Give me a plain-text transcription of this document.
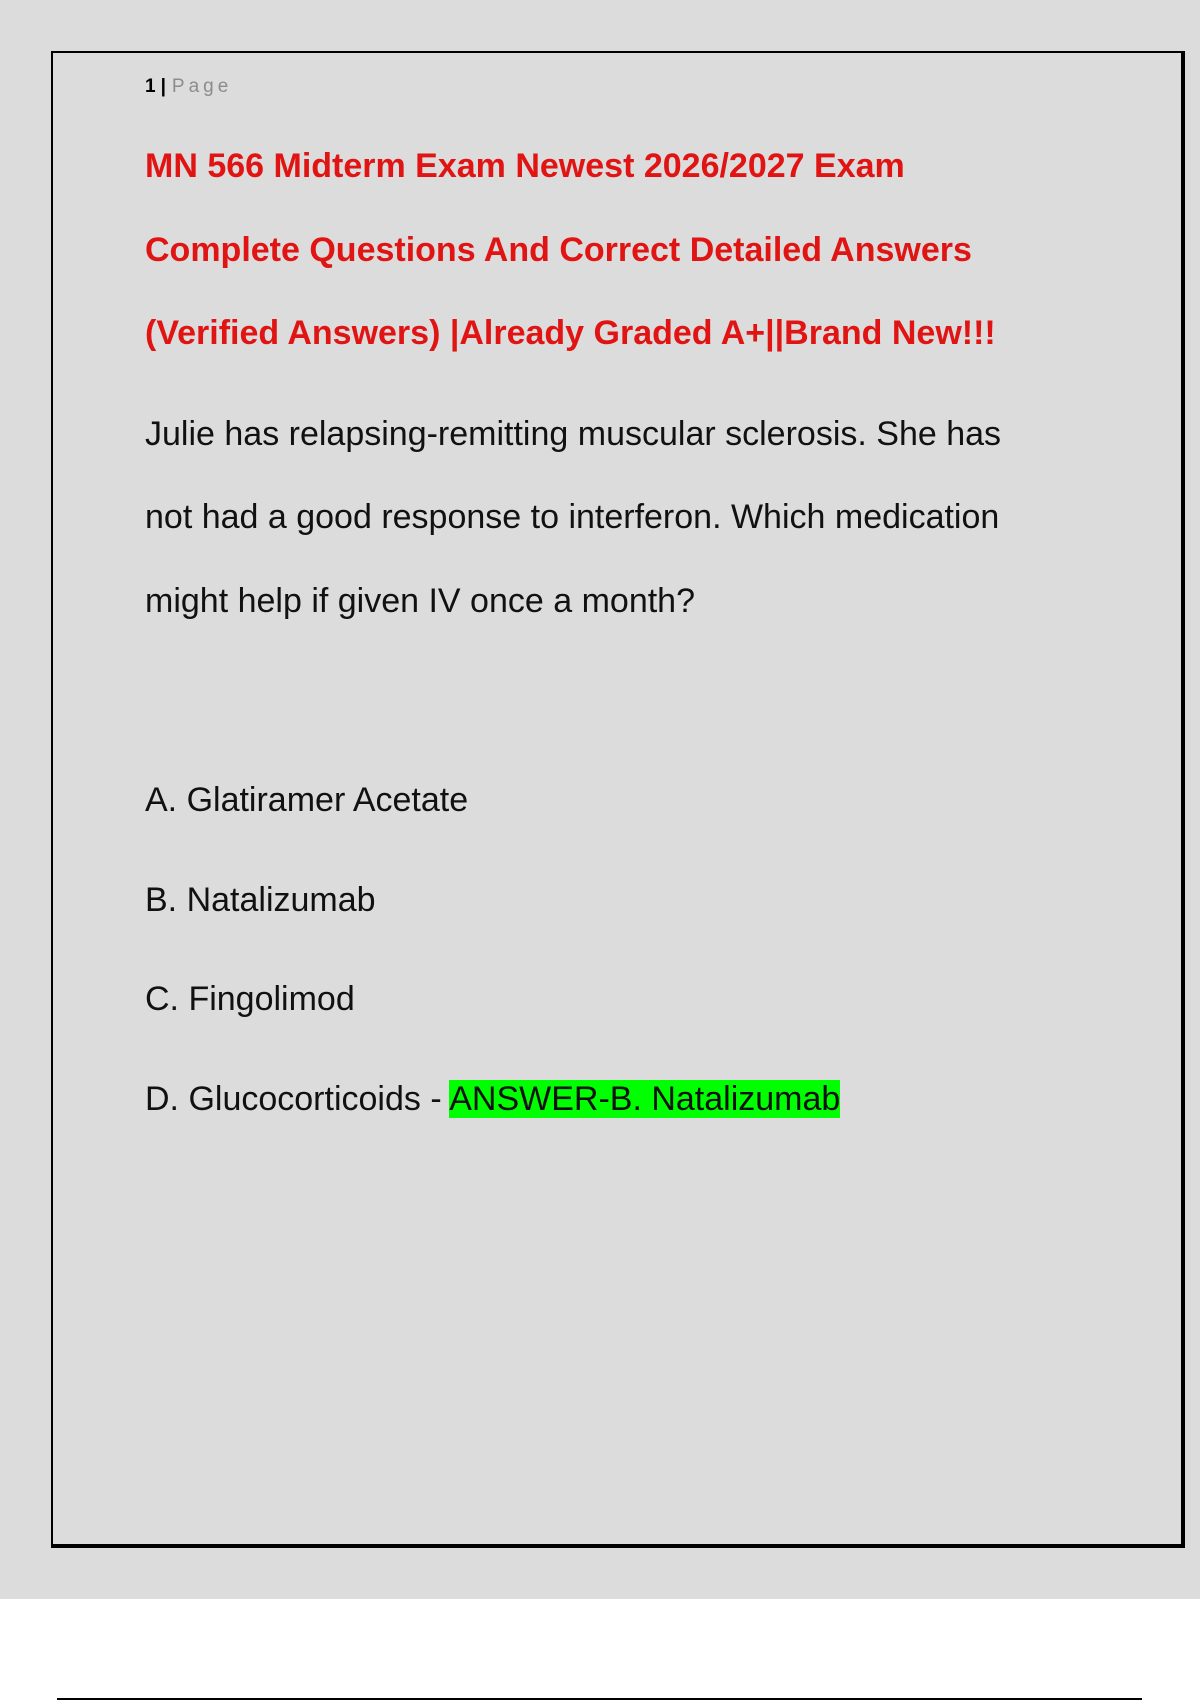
1 | Page
MN 566 Midterm Exam Newest 2026/2027 Exam
Complete Questions And Correct Detailed Answers
(Verified Answers) |Already Graded A+||Brand New!!!
Julie has relapsing-remitting muscular sclerosis. She has
not had a good response to interferon. Which medication
might help if given IV once a month?
A. Glatiramer Acetate
B. Natalizumab
C. Fingolimod
D. Glucocorticoids - ANSWER-B. Natalizumab
